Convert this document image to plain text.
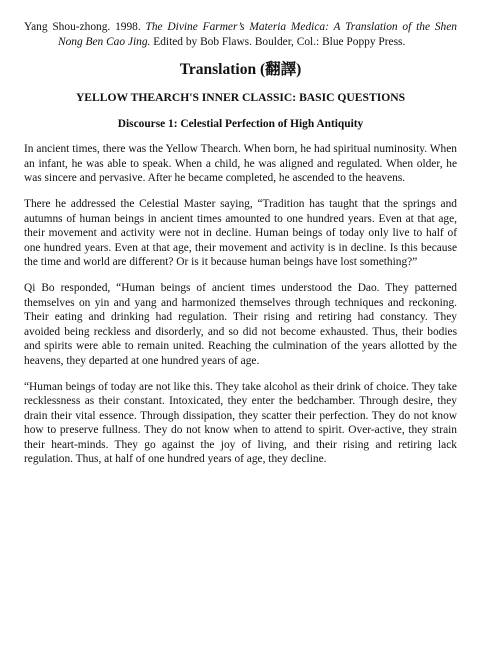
Yang Shou-zhong. 1998. The Divine Farmer’s Materia Medica: A Translation of the Shen Nong Ben Cao Jing. Edited by Bob Flaws. Boulder, Col.: Blue Poppy Press.

Translation (翻譯)
YELLOW THEARCH'S INNER CLASSIC: BASIC QUESTIONS
Discourse 1: Celestial Perfection of High Antiquity

In ancient times, there was the Yellow Thearch. When born, he had spiritual numinosity. When an infant, he was able to speak. When a child, he was aligned and regulated. When older, he was sincere and pervasive. After he became completed, he ascended to the heavens.

There he addressed the Celestial Master saying, “Tradition has taught that the springs and autumns of human beings in ancient times amounted to one hundred years. Even at that age, their movement and activity were not in decline. Human beings of today only live to half of one hundred years. Even at that age, their movement and activity is in decline. Is this because the time and world are different? Or is it because human beings have lost something?”

Qi Bo responded, “Human beings of ancient times understood the Dao. They patterned themselves on yin and yang and harmonized themselves through techniques and reckoning. Their eating and drinking had regulation. Their rising and retiring had constancy. They avoided being reckless and disorderly, and so did not become exhausted. Thus, their bodies and spirits were able to remain united. Reaching the culmination of the years allotted by the heavens, they departed at one hundred years of age.

“Human beings of today are not like this. They take alcohol as their drink of choice. They take recklessness as their constant. Intoxicated, they enter the bedchamber. Through desire, they drain their vital essence. Through dissipation, they scatter their perfection. They do not know how to preserve fullness. They do not know when to attend to spirit. Over-active, they strain their heart-minds. They go against the joy of living, and their rising and retiring lack regulation. Thus, at half of one hundred years of age, they decline.
